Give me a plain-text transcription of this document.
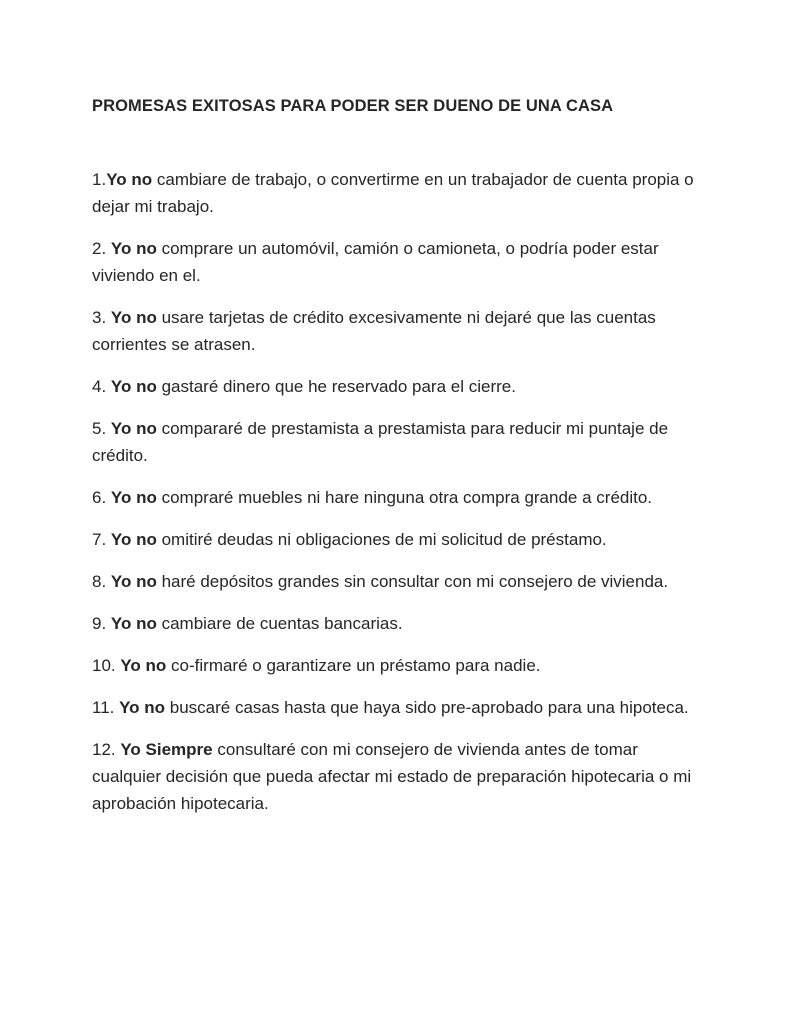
PROMESAS EXITOSAS PARA PODER SER DUENO DE UNA CASA

1.Yo no cambiare de trabajo, o convertirme en un trabajador de cuenta propia o dejar mi trabajo.

2. Yo no comprare un automóvil, camión o camioneta, o podría poder estar viviendo en el.

3. Yo no usare tarjetas de crédito excesivamente ni dejaré que las cuentas corrientes se atrasen.

4. Yo no gastaré dinero que he reservado para el cierre.

5. Yo no compararé de prestamista a prestamista para reducir mi puntaje de crédito.

6. Yo no compraré muebles ni hare ninguna otra compra grande a crédito.

7. Yo no omitiré deudas ni obligaciones de mi solicitud de préstamo.

8. Yo no haré depósitos grandes sin consultar con mi consejero de vivienda.

9. Yo no cambiare de cuentas bancarias.

10. Yo no co-firmaré o garantizare un préstamo para nadie.

11. Yo no buscaré casas hasta que haya sido pre-aprobado para una hipoteca.

12. Yo Siempre consultaré con mi consejero de vivienda antes de tomar cualquier decisión que pueda afectar mi estado de preparación hipotecaria o mi aprobación hipotecaria.
